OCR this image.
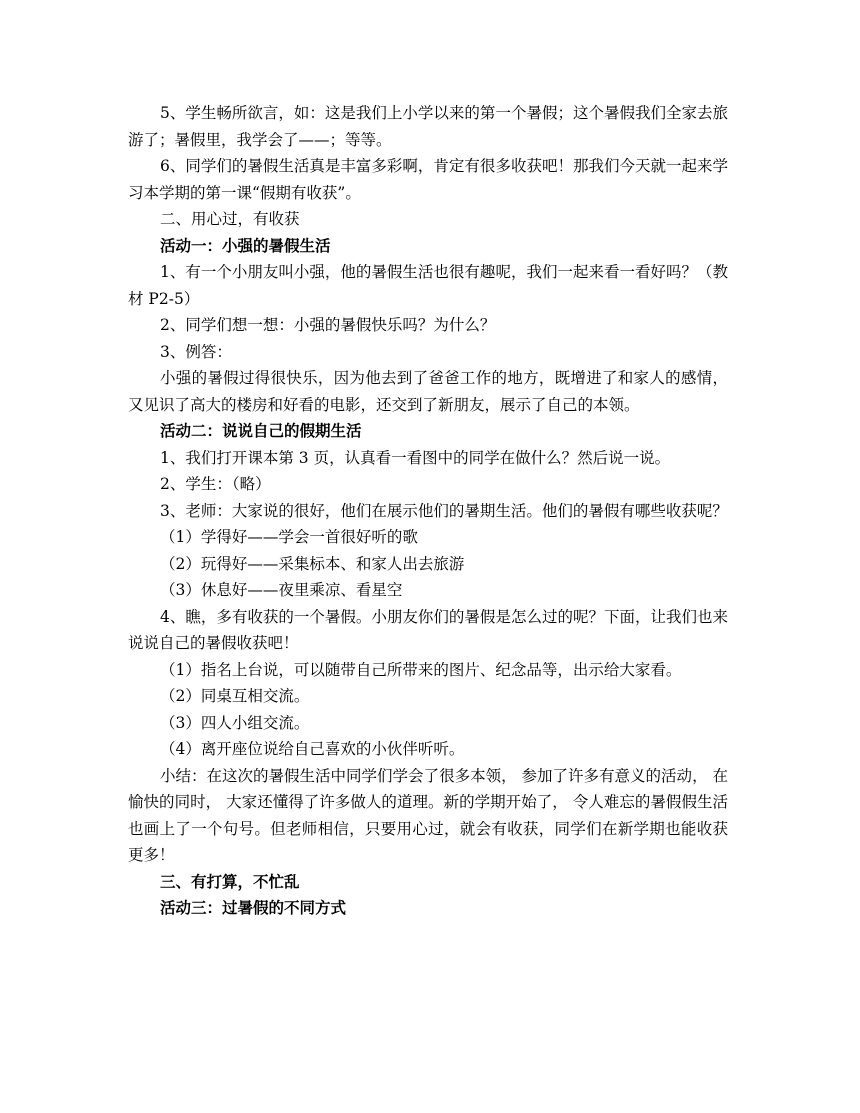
5、学生畅所欲言，如：这是我们上小学以来的第一个暑假；这个暑假我们全家去旅游了；暑假里，我学会了——；等等。

6、同学们的暑假生活真是丰富多彩啊，肯定有很多收获吧！那我们今天就一起来学习本学期的第一课“假期有收获”。

二、用心过，有收获

活动一：小强的暑假生活

1、有一个小朋友叫小强，他的暑假生活也很有趣呢，我们一起来看一看好吗？（教材 P2-5）

2、同学们想一想：小强的暑假快乐吗？为什么？

3、例答：

小强的暑假过得很快乐，因为他去到了爸爸工作的地方，既增进了和家人的感情，又见识了高大的楼房和好看的电影，还交到了新朋友，展示了自己的本领。

活动二：说说自己的假期生活

1、我们打开课本第 3 页，认真看一看图中的同学在做什么？然后说一说。

2、学生：（略）

3、老师：大家说的很好，他们在展示他们的暑期生活。他们的暑假有哪些收获呢？

（1）学得好——学会一首很好听的歌

（2）玩得好——采集标本、和家人出去旅游

（3）休息好——夜里乘凉、看星空

4、瞧，多有收获的一个暑假。小朋友你们的暑假是怎么过的呢？下面，让我们也来说说自己的暑假收获吧！

（1）指名上台说，可以随带自己所带来的图片、纪念品等，出示给大家看。

（2）同桌互相交流。

（3）四人小组交流。

（4）离开座位说给自己喜欢的小伙伴听听。

小结：在这次的暑假生活中同学们学会了很多本领， 参加了许多有意义的活动， 在愉快的同时， 大家还懂得了许多做人的道理。新的学期开始了， 令人难忘的暑假假生活也画上了一个句号。但老师相信，只要用心过，就会有收获，同学们在新学期也能收获更多！

三、有打算，不忙乱

活动三：过暑假的不同方式
